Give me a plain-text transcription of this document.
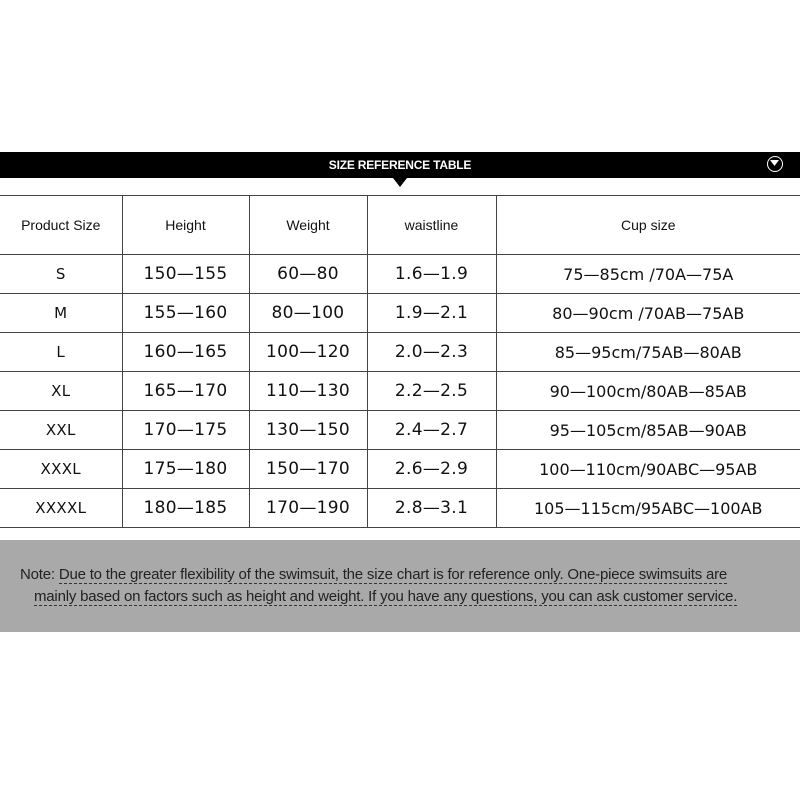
SIZE REFERENCE TABLE
Product Size	Height	Weight	waistline	Cup size
S	150—155	60—80	1.6—1.9	75—85cm /70A—75A
M	155—160	80—100	1.9—2.1	80—90cm /70AB—75AB
L	160—165	100—120	2.0—2.3	85—95cm/75AB—80AB
XL	165—170	110—130	2.2—2.5	90—100cm/80AB—85AB
XXL	170—175	130—150	2.4—2.7	95—105cm/85AB—90AB
XXXL	175—180	150—170	2.6—2.9	100—110cm/90ABC—95AB
XXXXL	180—185	170—190	2.8—3.1	105—115cm/95ABC—100AB
Note: Due to the greater flexibility of the swimsuit, the size chart is for reference only. One-piece swimsuits are
mainly based on factors such as height and weight. If you have any questions, you can ask customer service.
